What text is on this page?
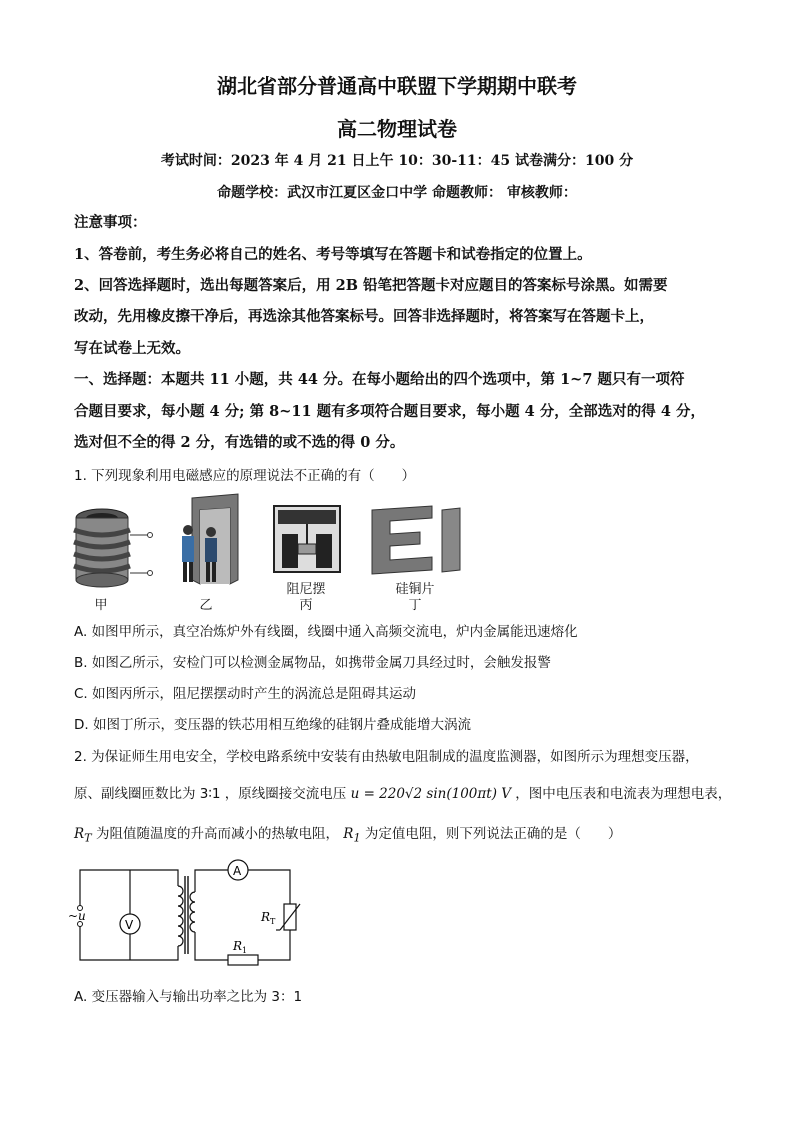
湖北省部分普通高中联盟下学期期中联考
高二物理试卷
考试时间：2023 年 4 月 21 日上午 10：30-11：45 试卷满分：100 分
命题学校：武汉市江夏区金口中学 命题教师： 审核教师：
注意事项：
1、答卷前，考生务必将自己的姓名、考号等填写在答题卡和试卷指定的位置上。
2、回答选择题时，选出每题答案后，用 2B 铅笔把答题卡对应题目的答案标号涂黑。如需要
改动，先用橡皮擦干净后，再选涂其他答案标号。回答非选择题时，将答案写在答题卡上，
写在试卷上无效。
一、选择题：本题共 11 小题，共 44 分。在每小题给出的四个选项中，第 1~7 题只有一项符
合题目要求，每小题 4 分; 第 8~11 题有多项符合题目要求，每小题 4 分，全部选对的得 4 分，
选对但不全的得 2 分，有选错的或不选的得 0 分。
1. 下列现象利用电磁感应的原理说法不正确的有（　　）
甲	乙
阻尼摆
丙
硅铜片
丁
A. 如图甲所示，真空冶炼炉外有线圈，线圈中通入高频交流电，炉内金属能迅速熔化
B. 如图乙所示，安检门可以检测金属物品，如携带金属刀具经过时，会触发报警
C. 如图丙所示，阻尼摆摆动时产生的涡流总是阻碍其运动
D. 如图丁所示，变压器的铁芯用相互绝缘的硅钢片叠成能增大涡流
2. 为保证师生用电安全，学校电路系统中安装有由热敏电阻制成的温度监测器，如图所示为理想变压器，
原、副线圈匝数比为 3∶1 ，原线圈接交流电压 u = 220√2 sin(100πt) V ，图中电压表和电流表为理想电表，
$R_T$ 为阻值随温度的升高而减小的热敏电阻， $R_1$ 为定值电阻，则下列说法正确的是（　　）
~u
V
A
R T
R 1
A. 变压器输入与输出功率之比为 3：1
